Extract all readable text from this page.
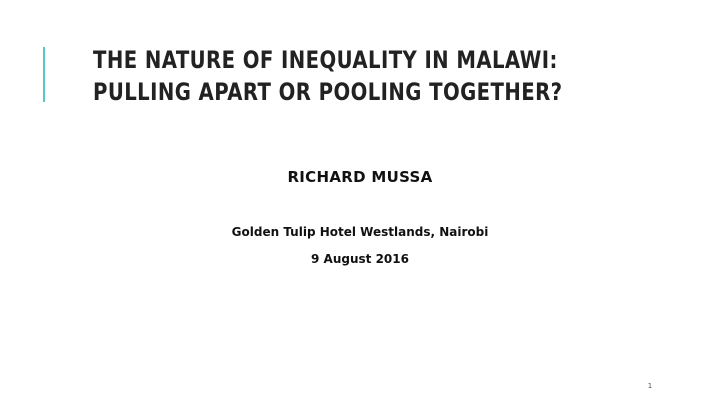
THE NATURE OF INEQUALITY IN MALAWI:
PULLING APART OR POOLING TOGETHER?
RICHARD MUSSA
Golden Tulip Hotel Westlands, Nairobi
9 August 2016
1
